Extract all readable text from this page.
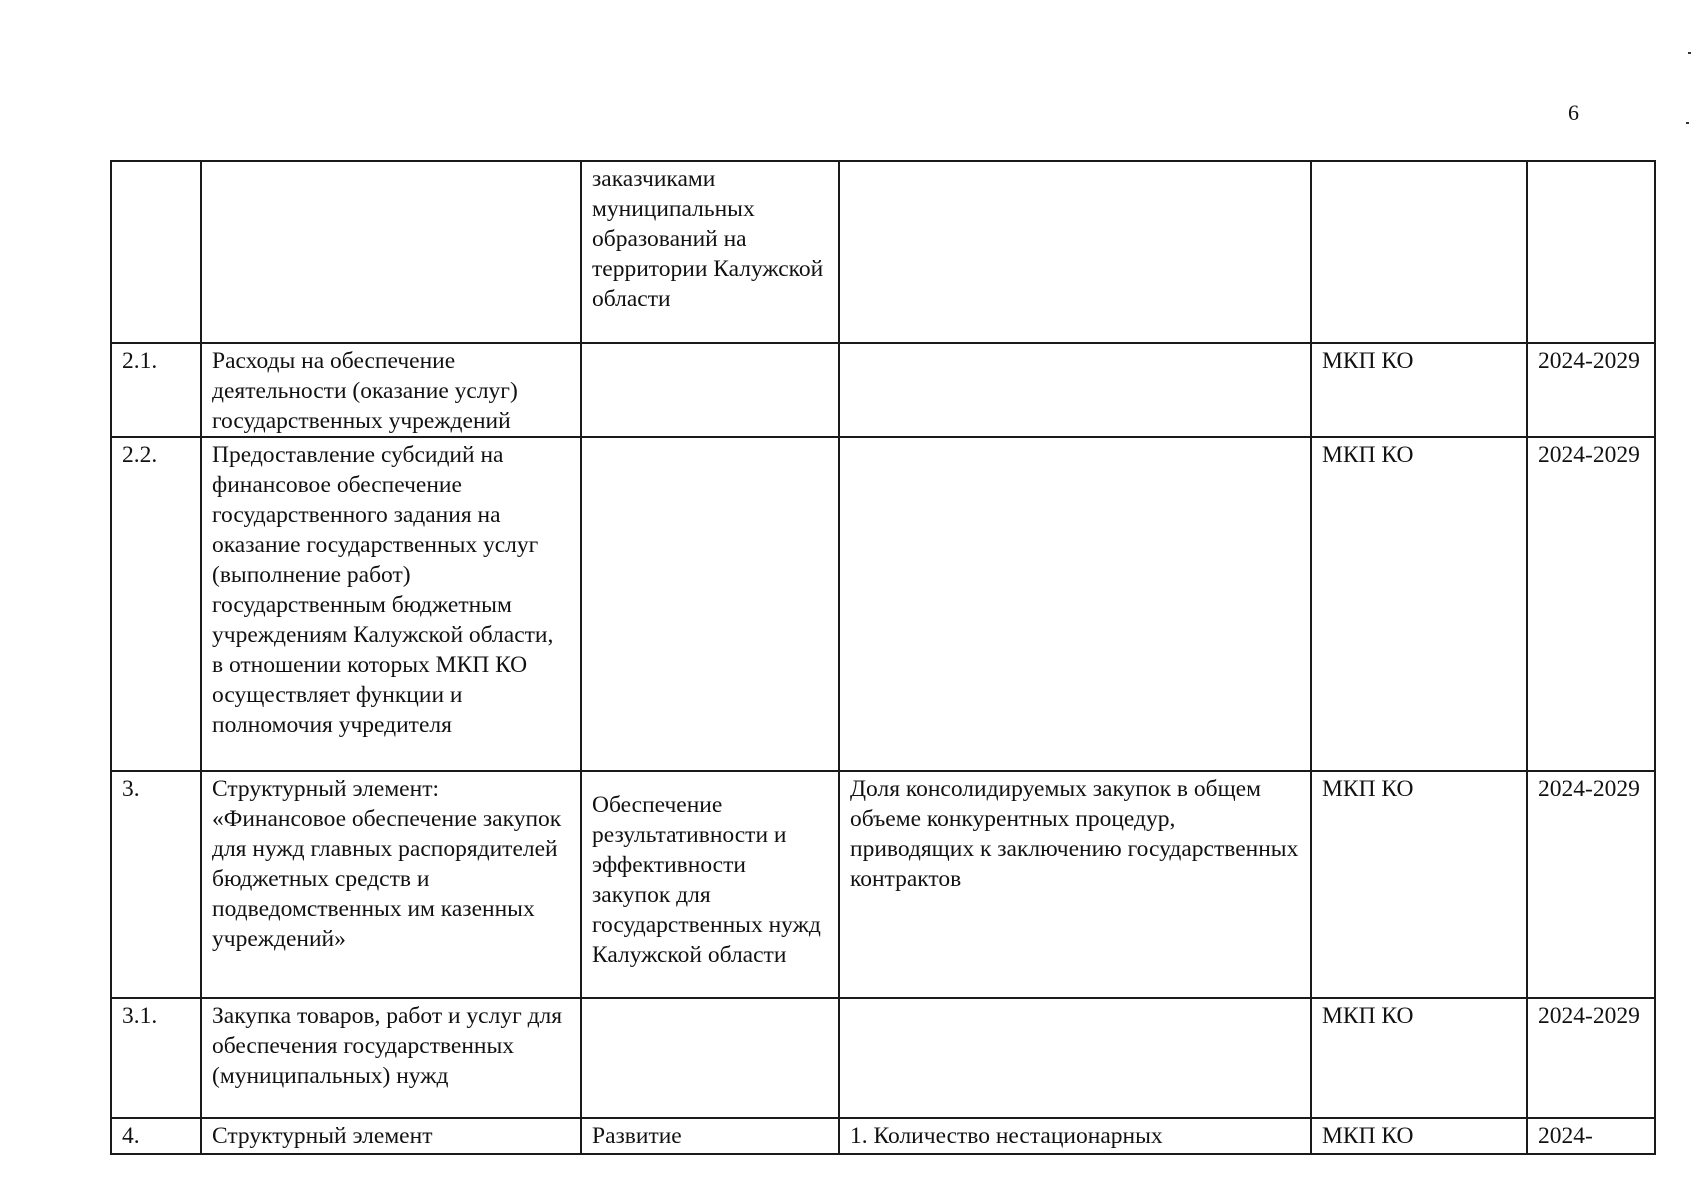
6

		заказчиками муниципальных образований на территории Калужской области			

2.1.	Расходы на обеспечение деятельности (оказание услуг) государственных учреждений			МКП КО	2024-2029

2.2.	Предоставление субсидий на финансовое обеспечение государственного задания на оказание государственных услуг (выполнение работ) государственным бюджетным учреждениям Калужской области, в отношении которых МКП КО осуществляет функции и полномочия учредителя			МКП КО	2024-2029

3.	Структурный элемент: «Финансовое обеспечение закупок для нужд главных распорядителей бюджетных средств и подведомственных им казенных учреждений»	Обеспечение результативности и эффективности закупок для государственных нужд Калужской области	Доля консолидируемых закупок в общем объеме конкурентных процедур, приводящих к заключению государственных контрактов	МКП КО	2024-2029

3.1.	Закупка товаров, работ и услуг для обеспечения государственных (муниципальных) нужд			МКП КО	2024-2029

4.	Структурный элемент	Развитие	1. Количество нестационарных	МКП КО	2024-
